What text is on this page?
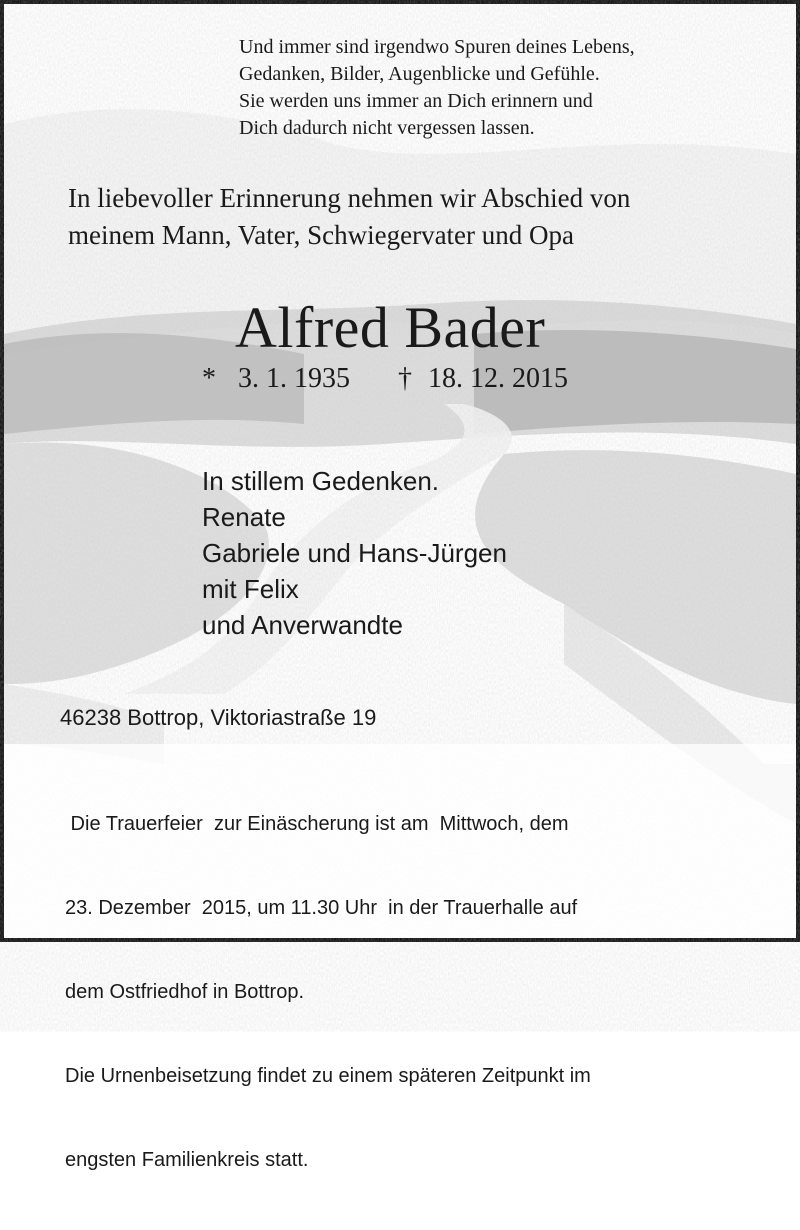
Und immer sind irgendwo Spuren deines Lebens,
Gedanken, Bilder, Augenblicke und Gefühle.
Sie werden uns immer an Dich erinnern und
Dich dadurch nicht vergessen lassen.
In liebevoller Erinnerung nehmen wir Abschied von
meinem Mann, Vater, Schwiegervater und Opa
Alfred Bader
* 3. 1. 1935 † 18. 12. 2015
In stillem Gedenken.
Renate
Gabriele und Hans-Jürgen
mit Felix
und Anverwandte
46238 Bottrop, Viktoriastraße 19

Die Trauerfeier  zur Einäscherung ist am  Mittwoch, dem

23. Dezember  2015, um 11.30 Uhr  in der Trauerhalle auf

dem Ostfriedhof in Bottrop.

Die Urnenbeisetzung findet zu einem späteren Zeitpunkt im

engsten Familienkreis statt.
